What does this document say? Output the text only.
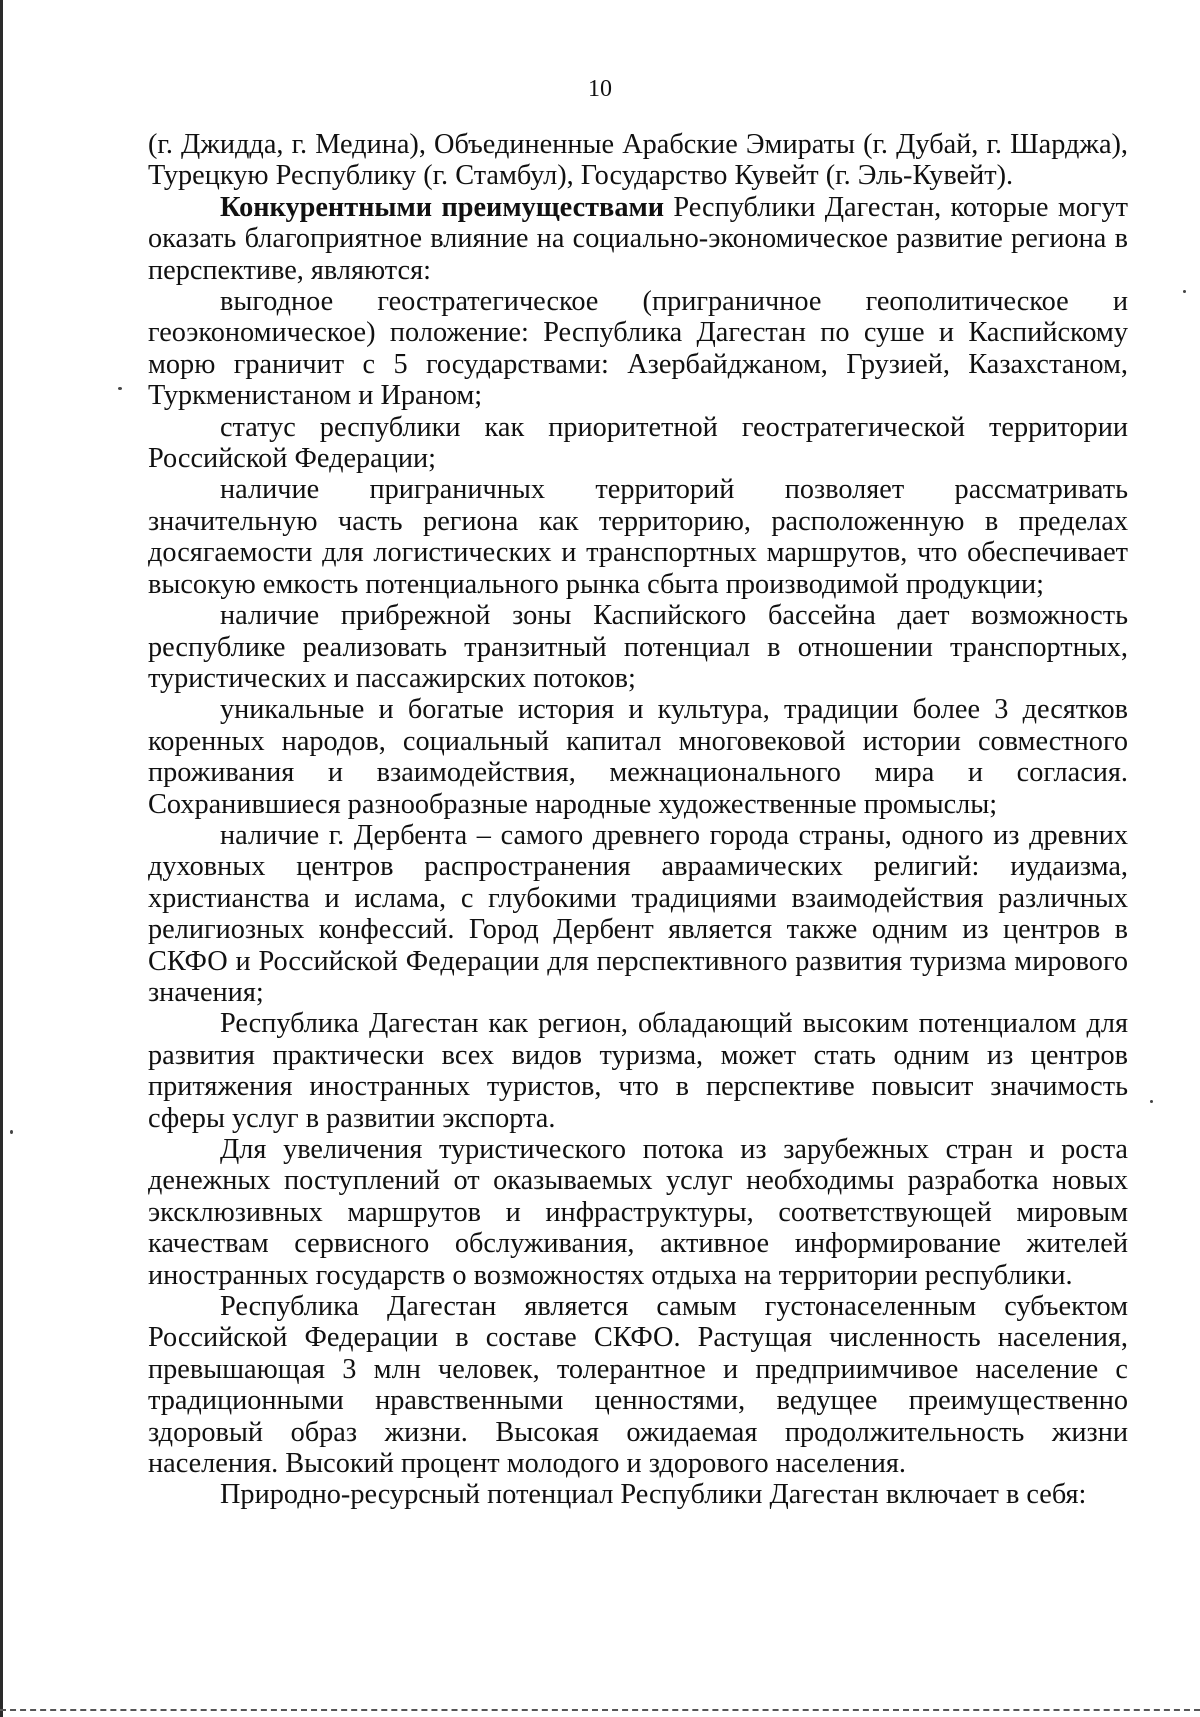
10

(г. Джидда, г. Медина), Объединенные Арабские Эмираты (г. Дубай, г. Шарджа), Турецкую Республику (г. Стамбул), Государство Кувейт (г. Эль-Кувейт).

Конкурентными преимуществами Республики Дагестан, которые могут оказать благоприятное влияние на социально-экономическое развитие региона в перспективе, являются:

выгодное геостратегическое (приграничное геополитическое и геоэкономическое) положение: Республика Дагестан по суше и Каспийскому морю граничит с 5 государствами: Азербайджаном, Грузией, Казахстаном, Туркменистаном и Ираном;

статус республики как приоритетной геостратегической территории Российской Федерации;

наличие приграничных территорий позволяет рассматривать значительную часть региона как территорию, расположенную в пределах досягаемости для логистических и транспортных маршрутов, что обеспечивает высокую емкость потенциального рынка сбыта производимой продукции;

наличие прибрежной зоны Каспийского бассейна дает возможность республике реализовать транзитный потенциал в отношении транспортных, туристических и пассажирских потоков;

уникальные и богатые история и культура, традиции более 3 десятков коренных народов, социальный капитал многовековой истории совместного проживания и взаимодействия, межнационального мира и согласия. Сохранившиеся разнообразные народные художественные промыслы;

наличие г. Дербента – самого древнего города страны, одного из древних духовных центров распространения авраамических религий: иудаизма, христианства и ислама, с глубокими традициями взаимодействия различных религиозных конфессий. Город Дербент является также одним из центров в СКФО и Российской Федерации для перспективного развития туризма мирового значения;

Республика Дагестан как регион, обладающий высоким потенциалом для развития практически всех видов туризма, может стать одним из центров притяжения иностранных туристов, что в перспективе повысит значимость сферы услуг в развитии экспорта.

Для увеличения туристического потока из зарубежных стран и роста денежных поступлений от оказываемых услуг необходимы разработка новых эксклюзивных маршрутов и инфраструктуры, соответствующей мировым качествам сервисного обслуживания, активное информирование жителей иностранных государств о возможностях отдыха на территории республики.

Республика Дагестан является самым густонаселенным субъектом Российской Федерации в составе СКФО. Растущая численность населения, превышающая 3 млн человек, толерантное и предприимчивое население с традиционными нравственными ценностями, ведущее преимущественно здоровый образ жизни. Высокая ожидаемая продолжительность жизни населения. Высокий процент молодого и здорового населения.

Природно-ресурсный потенциал Республики Дагестан включает в себя:
